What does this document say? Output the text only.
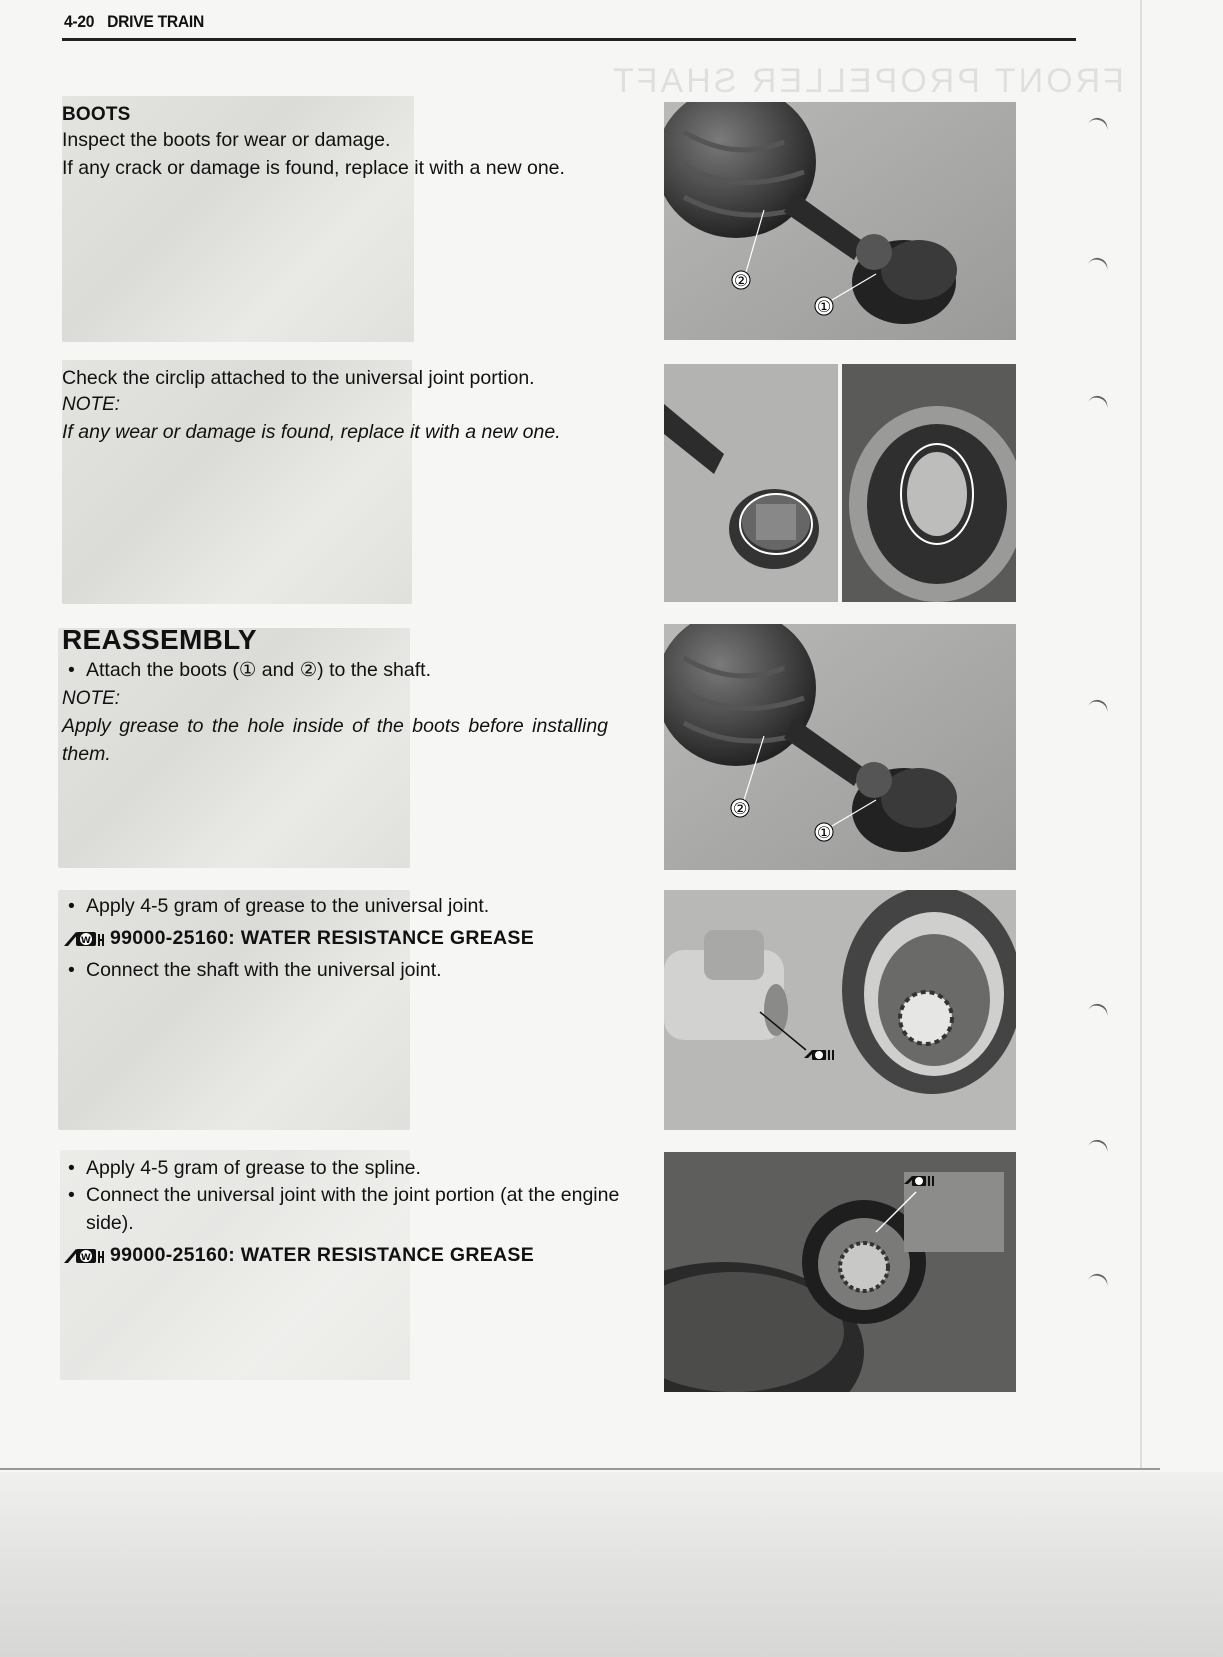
4-20 DRIVE TRAIN
FRONT PROPELLER SHAFT
BOOTS
Inspect the boots for wear or damage.
If any crack or damage is found, replace it with a new one.
②
①
Check the circlip attached to the universal joint portion.
NOTE:
If any wear or damage is found, replace it with a new one.
REASSEMBLY
• Attach the boots (① and ②) to the shaft.
NOTE:
Apply grease to the hole inside of the boots before installing
them.
②
①
• Apply 4-5 gram of grease to the universal joint.
W 99000-25160: WATER RESISTANCE GREASE
• Connect the shaft with the universal joint.
• Apply 4-5 gram of grease to the spline.
• Connect the universal joint with the joint portion (at the engine
side).
W 99000-25160: WATER RESISTANCE GREASE
